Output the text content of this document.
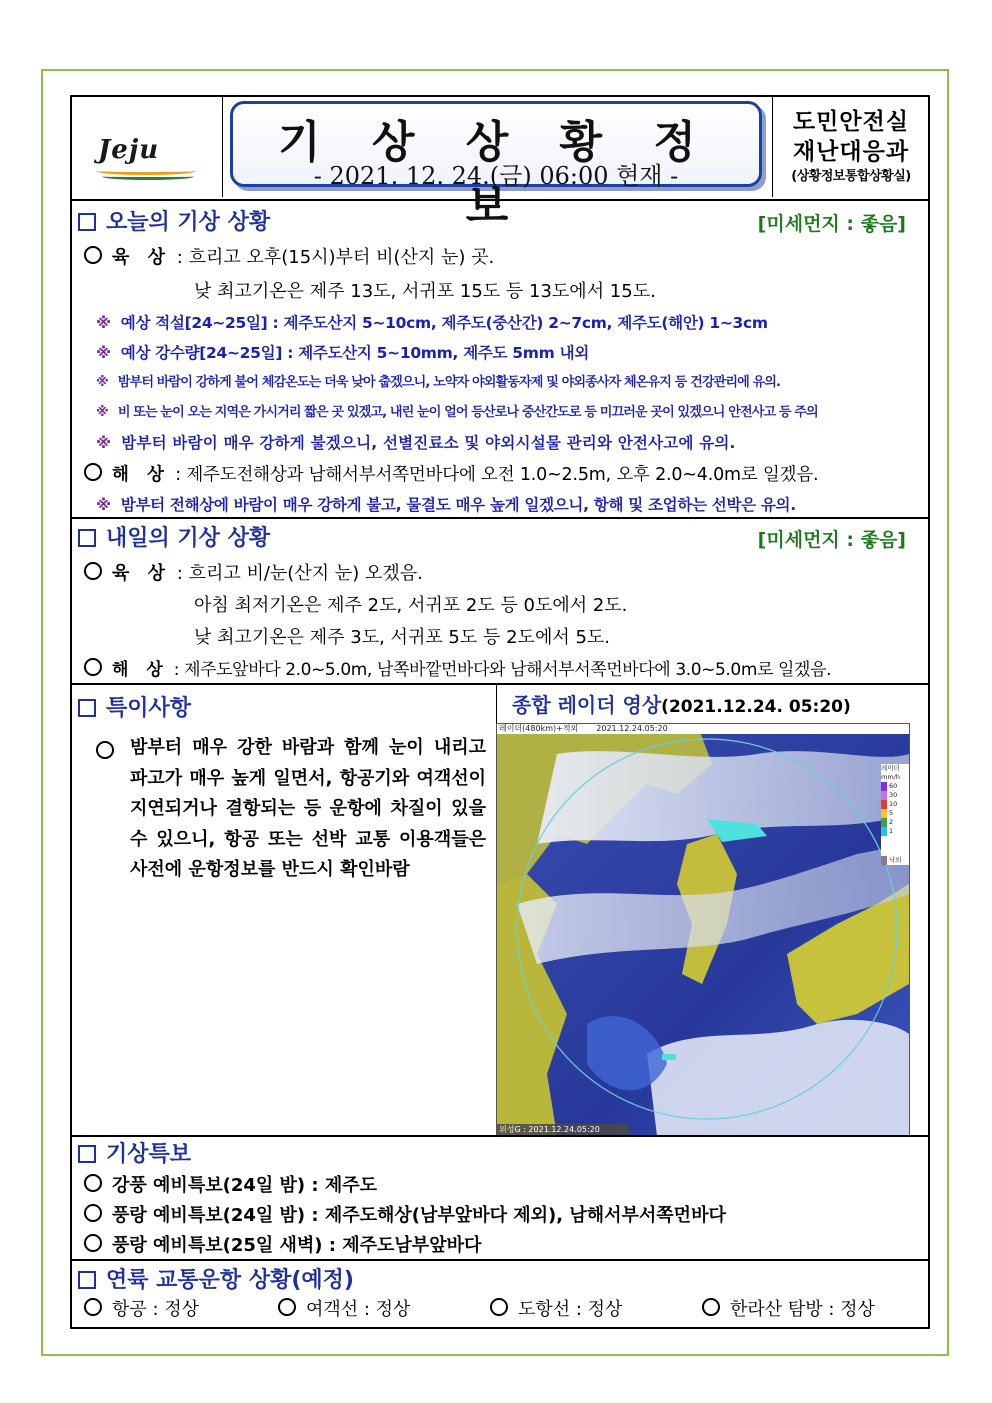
Jeju	기 상 상 황 정 보
- 2021. 12. 24.(금) 06:00 현재 -
도민안전실
재난대응과
(상황정보통합상황실)
오늘의 기상 상황	[미세먼지 : 좋음]
육 상 : 흐리고 오후(15시)부터 비(산지 눈) 곳.
낮 최고기온은 제주 13도, 서귀포 15도 등 13도에서 15도.
※ 예상 적설[24~25일] : 제주도산지 5~10cm, 제주도(중산간) 2~7cm, 제주도(해안) 1~3cm
※ 예상 강수량[24~25일] : 제주도산지 5~10mm, 제주도 5mm 내외
※ 밤부터 바람이 강하게 불어 체감온도는 더욱 낮아 춥겠으니, 노약자 야외활동자제 및 야외종사자 체온유지 등 건강관리에 유의.
※ 비 또는 눈이 오는 지역은 가시거리 짧은 곳 있겠고, 내린 눈이 얼어 등산로나 중산간도로 등 미끄러운 곳이 있겠으니 안전사고 등 주의
※ 밤부터 바람이 매우 강하게 불겠으니, 선별진료소 및 야외시설물 관리와 안전사고에 유의.
해 상 : 제주도전해상과 남해서부서쪽먼바다에 오전 1.0~2.5m, 오후 2.0~4.0m로 일겠음.
※ 밤부터 전해상에 바람이 매우 강하게 불고, 물결도 매우 높게 일겠으니, 항해 및 조업하는 선박은 유의.
내일의 기상 상황	[미세먼지 : 좋음]
육 상 : 흐리고 비/눈(산지 눈) 오겠음.
아침 최저기온은 제주 2도, 서귀포 2도 등 0도에서 2도.
낮 최고기온은 제주 3도, 서귀포 5도 등 2도에서 5도.
해 상 : 제주도앞바다 2.0~5.0m, 남쪽바깥먼바다와 남해서부서쪽먼바다에 3.0~5.0m로 일겠음.
특이사항
밤부터 매우 강한 바람과 함께 눈이 내리고 파고가 매우 높게 일면서, 항공기와 여객선이 지연되거나 결항되는 등 운항에 차질이 있을 수 있으니, 항공 또는 선박 교통 이용객들은 사전에 운항정보를 반드시 확인바람
종합 레이더 영상(2021.12.24. 05:20)
레이더(480km)+적외 2021.12.24.05:20
위성G : 2021.12.24.05:20
레이더
mm/h
60
30
10
5
2
1
낙뢰
기상특보
강풍 예비특보(24일 밤) : 제주도
풍랑 예비특보(24일 밤) : 제주도해상(남부앞바다 제외), 남해서부서쪽먼바다
풍랑 예비특보(25일 새벽) : 제주도남부앞바다
연륙 교통운항 상황(예정)
항공 : 정상	여객선 : 정상	도항선 : 정상	한라산 탐방 : 정상
